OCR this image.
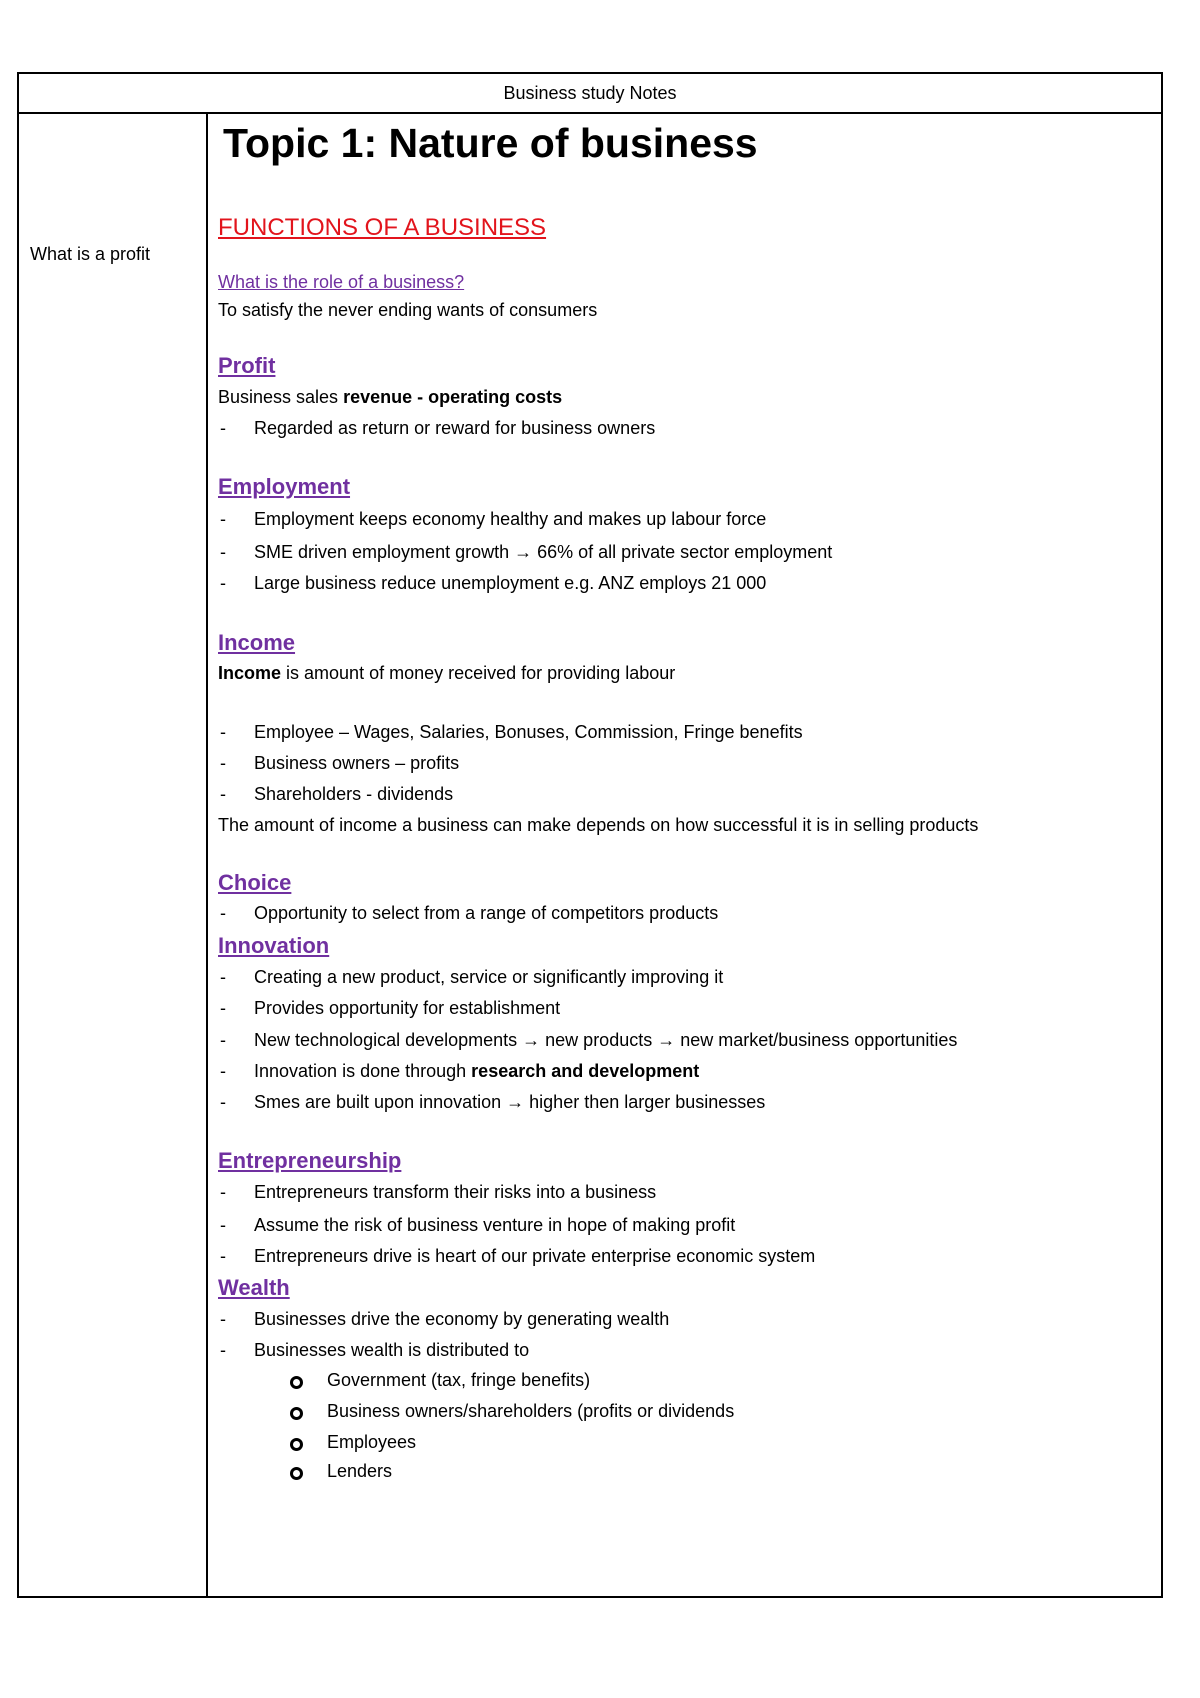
Business study Notes
What is a profit
Topic 1: Nature of business
FUNCTIONS OF A BUSINESS
What is the role of a business?
To satisfy the never ending wants of consumers
Profit
Business sales revenue - operating costs
- Regarded as return or reward for business owners
Employment
- Employment keeps economy healthy and makes up labour force
- SME driven employment growth → 66% of all private sector employment
- Large business reduce unemployment e.g. ANZ employs 21 000
Income
Income is amount of money received for providing labour
- Employee – Wages, Salaries, Bonuses, Commission, Fringe benefits
- Business owners – profits
- Shareholders - dividends
The amount of income a business can make depends on how successful it is in selling products
Choice
- Opportunity to select from a range of competitors products
Innovation
- Creating a new product, service or significantly improving it
- Provides opportunity for establishment
- New technological developments → new products → new market/business opportunities
- Innovation is done through research and development
- Smes are built upon innovation → higher then larger businesses
Entrepreneurship
- Entrepreneurs transform their risks into a business
- Assume the risk of business venture in hope of making profit
- Entrepreneurs drive is heart of our private enterprise economic system
Wealth
- Businesses drive the economy by generating wealth
- Businesses wealth is distributed to
Government (tax, fringe benefits)
Business owners/shareholders (profits or dividends
Employees
Lenders
